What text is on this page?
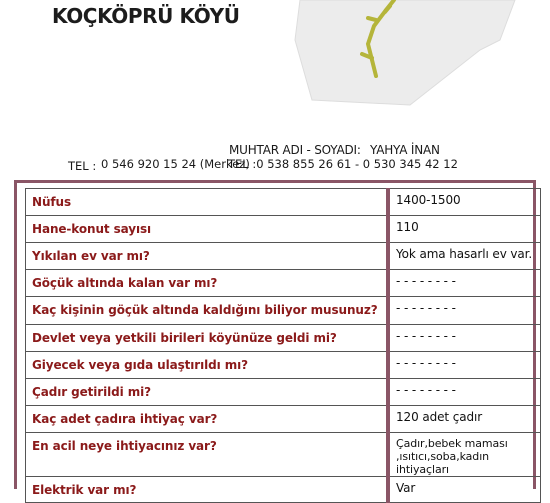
KOÇKÖPRÜ KÖYÜ
MUHTAR ADI - SOYADI: YAHYA İNAN
TEL : 0 546 920 15 24 (Merkez)
TEL :0 538 855 26 61 - 0 530 345 42 12
Nüfus	1400-1500
Hane-konut sayısı	110
Yıkılan ev var mı?	Yok ama hasarlı ev var.
Göçük altında kalan var mı?	- - - - - - - -
Kaç kişinin göçük altında kaldığını biliyor musunuz?	- - - - - - - -
Devlet veya yetkili birileri köyünüze geldi mi?	- - - - - - - -
Giyecek veya gıda ulaştırıldı mı?	- - - - - - - -
Çadır getirildi mi?	- - - - - - - -
Kaç adet çadıra ihtiyaç var?	120 adet çadır
En acil neye ihtiyacınız var?	Çadır,bebek maması ,ısıtıcı,soba,kadın ihtiyaçları

Elektrik var mı?	Var
